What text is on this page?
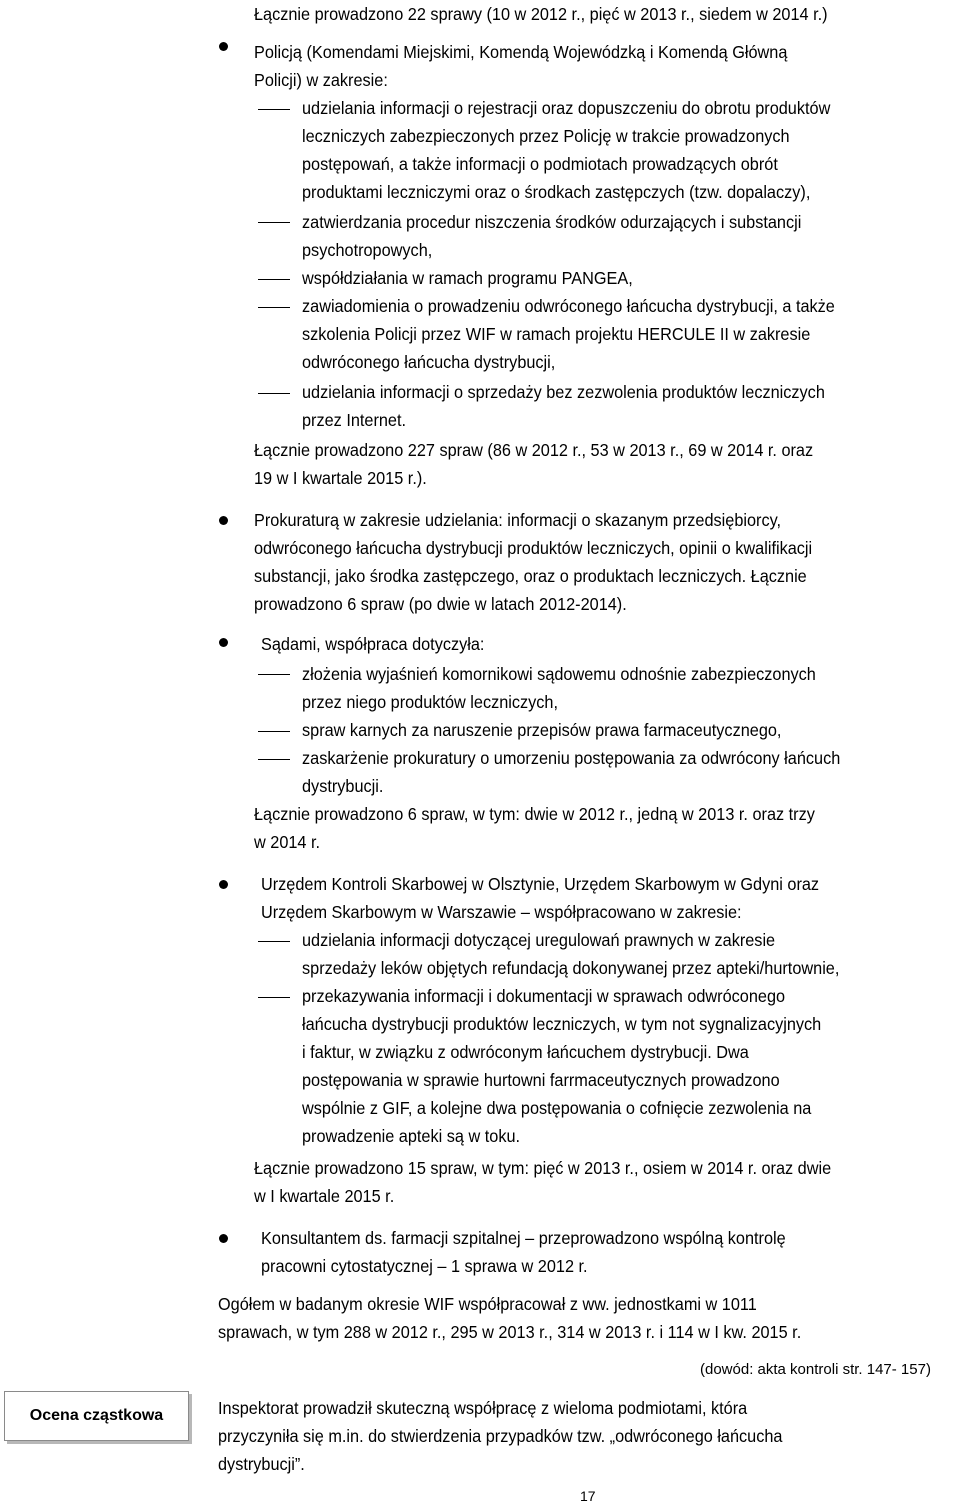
Łącznie prowadzono 22 sprawy (10 w 2012 r., pięć w 2013 r., siedem w 2014 r.)
Policją (Komendami Miejskimi, Komendą Wojewódzką i Komendą Główną
Policji) w zakresie:
udzielania informacji o rejestracji oraz dopuszczeniu do obrotu produktów
leczniczych zabezpieczonych przez Policję w trakcie prowadzonych
postępowań, a także informacji o podmiotach prowadzących obrót
produktami leczniczymi oraz o środkach zastępczych (tzw. dopalaczy),
zatwierdzania procedur niszczenia środków odurzających i substancji
psychotropowych,
współdziałania w ramach programu PANGEA,
zawiadomienia o prowadzeniu odwróconego łańcucha dystrybucji, a także
szkolenia Policji przez WIF w ramach projektu HERCULE II w zakresie
odwróconego łańcucha dystrybucji,
udzielania informacji o sprzedaży bez zezwolenia produktów leczniczych
przez Internet.
Łącznie prowadzono 227 spraw (86 w 2012 r., 53 w 2013 r., 69 w 2014 r. oraz
19 w I kwartale 2015 r.).
Prokuraturą w zakresie udzielania: informacji o skazanym przedsiębiorcy,
odwróconego łańcucha dystrybucji produktów leczniczych, opinii o kwalifikacji
substancji, jako środka zastępczego, oraz o produktach leczniczych. Łącznie
prowadzono 6 spraw (po dwie w latach 2012-2014).
Sądami, współpraca dotyczyła:
złożenia wyjaśnień komornikowi sądowemu odnośnie zabezpieczonych
przez niego produktów leczniczych,
spraw karnych za naruszenie przepisów prawa farmaceutycznego,
zaskarżenie prokuratury o umorzeniu postępowania za odwrócony łańcuch
dystrybucji.
Łącznie prowadzono 6 spraw, w tym: dwie w 2012 r., jedną w 2013 r. oraz trzy
w 2014 r.
Urzędem Kontroli Skarbowej w Olsztynie, Urzędem Skarbowym w Gdyni oraz
Urzędem Skarbowym w Warszawie – współpracowano w zakresie:
udzielania informacji dotyczącej uregulowań prawnych w zakresie
sprzedaży leków objętych refundacją dokonywanej przez apteki/hurtownie,
przekazywania informacji i dokumentacji w sprawach odwróconego
łańcucha dystrybucji produktów leczniczych, w tym not sygnalizacyjnych
i faktur, w związku z odwróconym łańcuchem dystrybucji. Dwa
postępowania w sprawie hurtowni farrmaceutycznych prowadzono
wspólnie z GIF, a kolejne dwa postępowania o cofnięcie zezwolenia na
prowadzenie apteki są w toku.
Łącznie prowadzono 15 spraw, w tym: pięć w 2013 r., osiem w 2014 r. oraz dwie
w I kwartale 2015 r.
Konsultantem ds. farmacji szpitalnej – przeprowadzono wspólną kontrolę
pracowni cytostatycznej – 1 sprawa w 2012 r.
Ogółem w badanym okresie WIF współpracował z ww. jednostkami w 1011
sprawach, w tym 288 w 2012 r., 295 w 2013 r., 314 w 2013 r. i 114 w I kw. 2015 r.
(dowód: akta kontroli str. 147- 157)
Ocena cząstkowa	Inspektorat prowadził skuteczną współpracę z wieloma podmiotami, która
przyczyniła się m.in. do stwierdzenia przypadków tzw. „odwróconego łańcucha
dystrybucji”.
17
